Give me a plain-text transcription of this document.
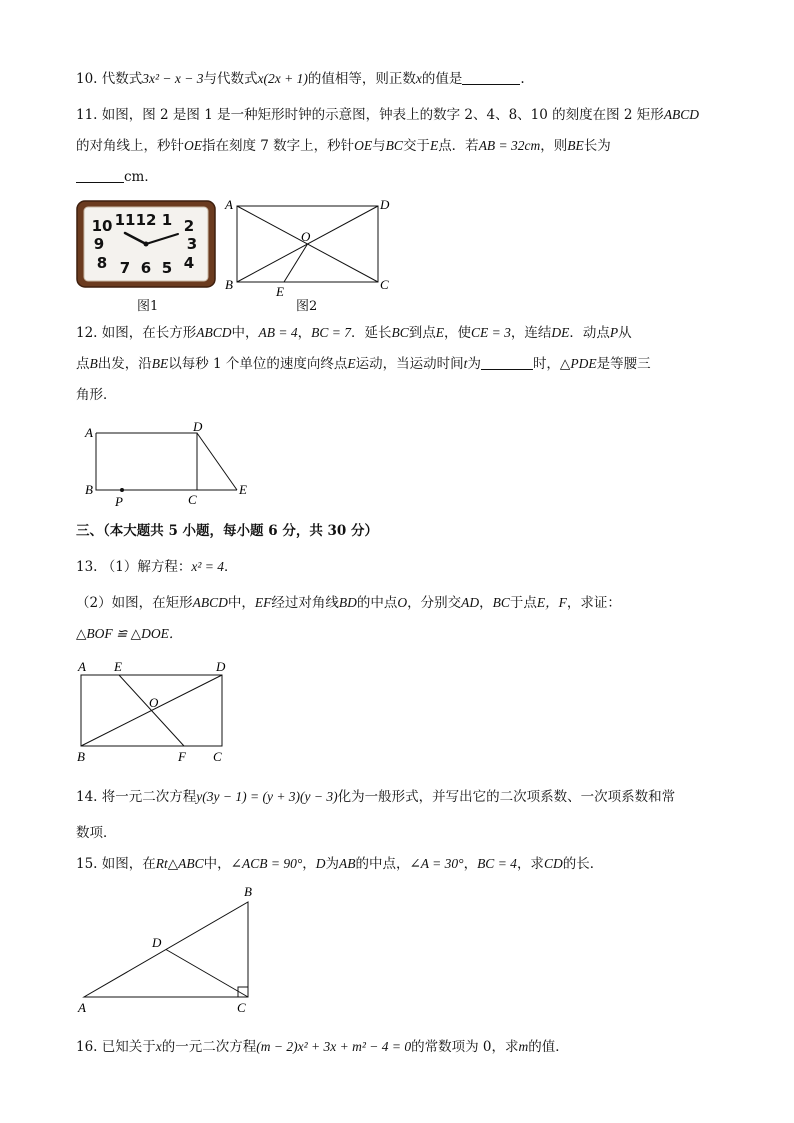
10. 代数式3x² − x − 3与代数式x(2x + 1)的值相等，则正数x的值是	.
11. 如图，图 2 是图 1 是一种矩形时钟的示意图，钟表上的数字 2、4、8、10 的刻度在图 2 矩形ABCD
的对角线上，秒针OE指在刻度 7 数字上，秒针OE与BC交于E点．若AB = 32cm，则BE长为
cm．
11 12 1
10	2
9	3
8	4
7 6 5
图1
A	D
O
B	E	C
图2
12. 如图，在长方形ABCD中，AB = 4，BC = 7．延长BC到点E，使CE = 3，连结DE．动点P从
点B出发，沿BE以每秒 1 个单位的速度向终点E运动，当运动时间t为	时，△PDE是等腰三
角形．
A	D
B
P	C
E
三、（本大题共 5 小题，每小题 6 分，共 30 分）
13. （1）解方程：x² = 4．
（2）如图，在矩形ABCD中，EF经过对角线BD的中点O，分别交AD，BC于点E，F，求证：
△BOF ≌ △DOE．
A E	D
O
B	F C
14. 将一元二次方程y(3y − 1) = (y + 3)(y − 3)化为一般形式，并写出它的二次项系数、一次项系数和常
数项．
15. 如图，在Rt△ABC中，∠ACB = 90°，D为AB的中点，∠A = 30°，BC = 4，求CD的长．
B
D
A	C
16. 已知关于x的一元二次方程(m − 2)x² + 3x + m² − 4 = 0的常数项为 0，求m的值．
